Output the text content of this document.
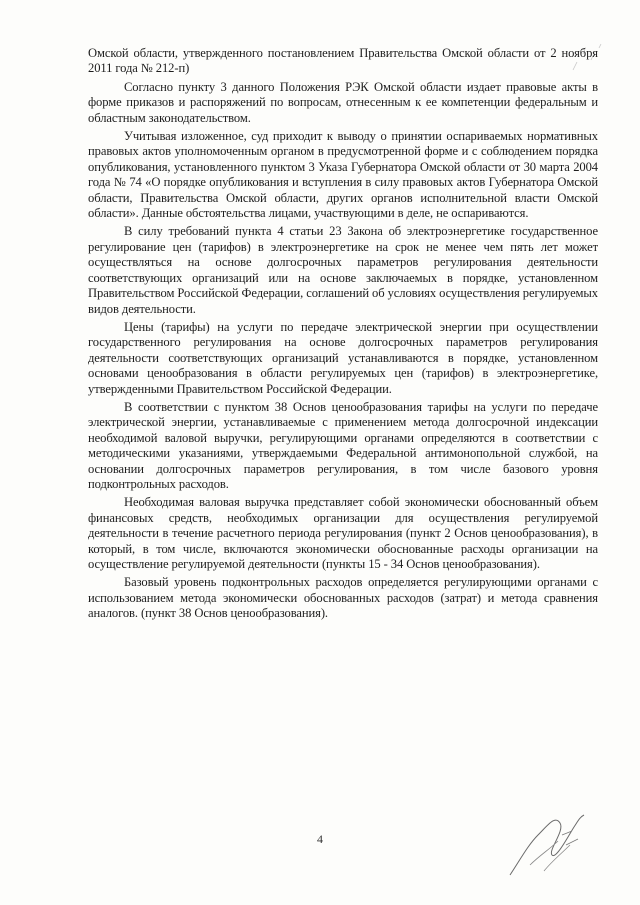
Омской области, утвержденного постановлением Правительства Омской области от 2 ноября 2011 года № 212-п)

Согласно пункту 3 данного Положения РЭК Омской области издает правовые акты в форме приказов и распоряжений по вопросам, отнесенным к ее компетенции федеральным и областным законодательством.

Учитывая изложенное, суд приходит к выводу о принятии оспариваемых нормативных правовых актов уполномоченным органом в предусмотренной форме и с соблюдением порядка опубликования, установленного пунктом 3 Указа Губернатора Омской области от 30 марта 2004 года № 74 «О порядке опубликования и вступления в силу правовых актов Губернатора Омской области, Правительства Омской области, других органов исполнительной власти Омской области». Данные обстоятельства лицами, участвующими в деле, не оспариваются.

В силу требований пункта 4 статьи 23 Закона об электроэнергетике государственное регулирование цен (тарифов) в электроэнергетике на срок не менее чем пять лет может осуществляться на основе долгосрочных параметров регулирования деятельности соответствующих организаций или на основе заключаемых в порядке, установленном Правительством Российской Федерации, соглашений об условиях осуществления регулируемых видов деятельности.

Цены (тарифы) на услуги по передаче электрической энергии при осуществлении государственного регулирования на основе долгосрочных параметров регулирования деятельности соответствующих организаций устанавливаются в порядке, установленном основами ценообразования в области регулируемых цен (тарифов) в электроэнергетике, утвержденными Правительством Российской Федерации.

В соответствии с пунктом 38 Основ ценообразования тарифы на услуги по передаче электрической энергии, устанавливаемые с применением метода долгосрочной индексации необходимой валовой выручки, регулирующими органами определяются в соответствии с методическими указаниями, утверждаемыми Федеральной антимонопольной службой, на основании долгосрочных параметров регулирования, в том числе базового уровня подконтрольных расходов.

Необходимая валовая выручка представляет собой экономически обоснованный объем финансовых средств, необходимых организации для осуществления регулируемой деятельности в течение расчетного периода регулирования (пункт 2 Основ ценообразования), в который, в том числе, включаются экономически обоснованные расходы организации на осуществление регулируемой деятельности (пункты 15 - 34 Основ ценообразования).

Базовый уровень подконтрольных расходов определяется регулирующими органами с использованием метода экономически обоснованных расходов (затрат) и метода сравнения аналогов. (пункт 38 Основ ценообразования).

4
